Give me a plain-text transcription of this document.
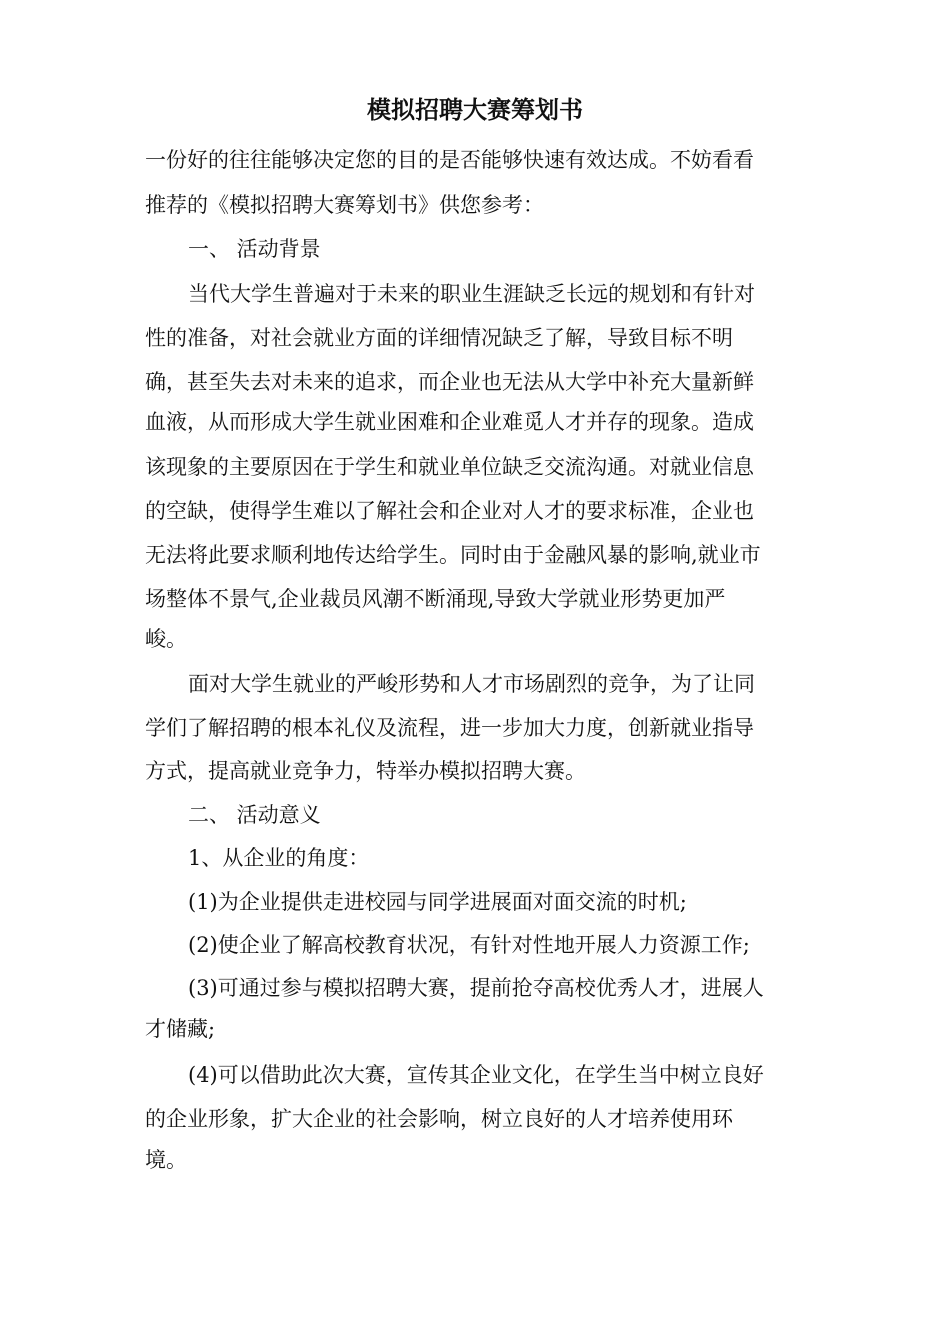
模拟招聘大赛筹划书
一份好的往往能够决定您的目的是否能够快速有效达成。不妨看看
推荐的《模拟招聘大赛筹划书》供您参考：
一、 活动背景
当代大学生普遍对于未来的职业生涯缺乏长远的规划和有针对
性的准备，对社会就业方面的详细情况缺乏了解，导致目标不明
确，甚至失去对未来的追求，而企业也无法从大学中补充大量新鲜
血液，从而形成大学生就业困难和企业难觅人才并存的现象。造成
该现象的主要原因在于学生和就业单位缺乏交流沟通。对就业信息
的空缺，使得学生难以了解社会和企业对人才的要求标准，企业也
无法将此要求顺利地传达给学生。同时由于金融风暴的影响,就业市
场整体不景气,企业裁员风潮不断涌现,导致大学就业形势更加严
峻。
面对大学生就业的严峻形势和人才市场剧烈的竞争，为了让同
学们了解招聘的根本礼仪及流程，进一步加大力度，创新就业指导
方式，提高就业竞争力，特举办模拟招聘大赛。
二、 活动意义
1、从企业的角度：
(1)为企业提供走进校园与同学进展面对面交流的时机;
(2)使企业了解高校教育状况，有针对性地开展人力资源工作;
(3)可通过参与模拟招聘大赛，提前抢夺高校优秀人才，进展人
才储藏;
(4)可以借助此次大赛，宣传其企业文化，在学生当中树立良好
的企业形象，扩大企业的社会影响，树立良好的人才培养使用环
境。
